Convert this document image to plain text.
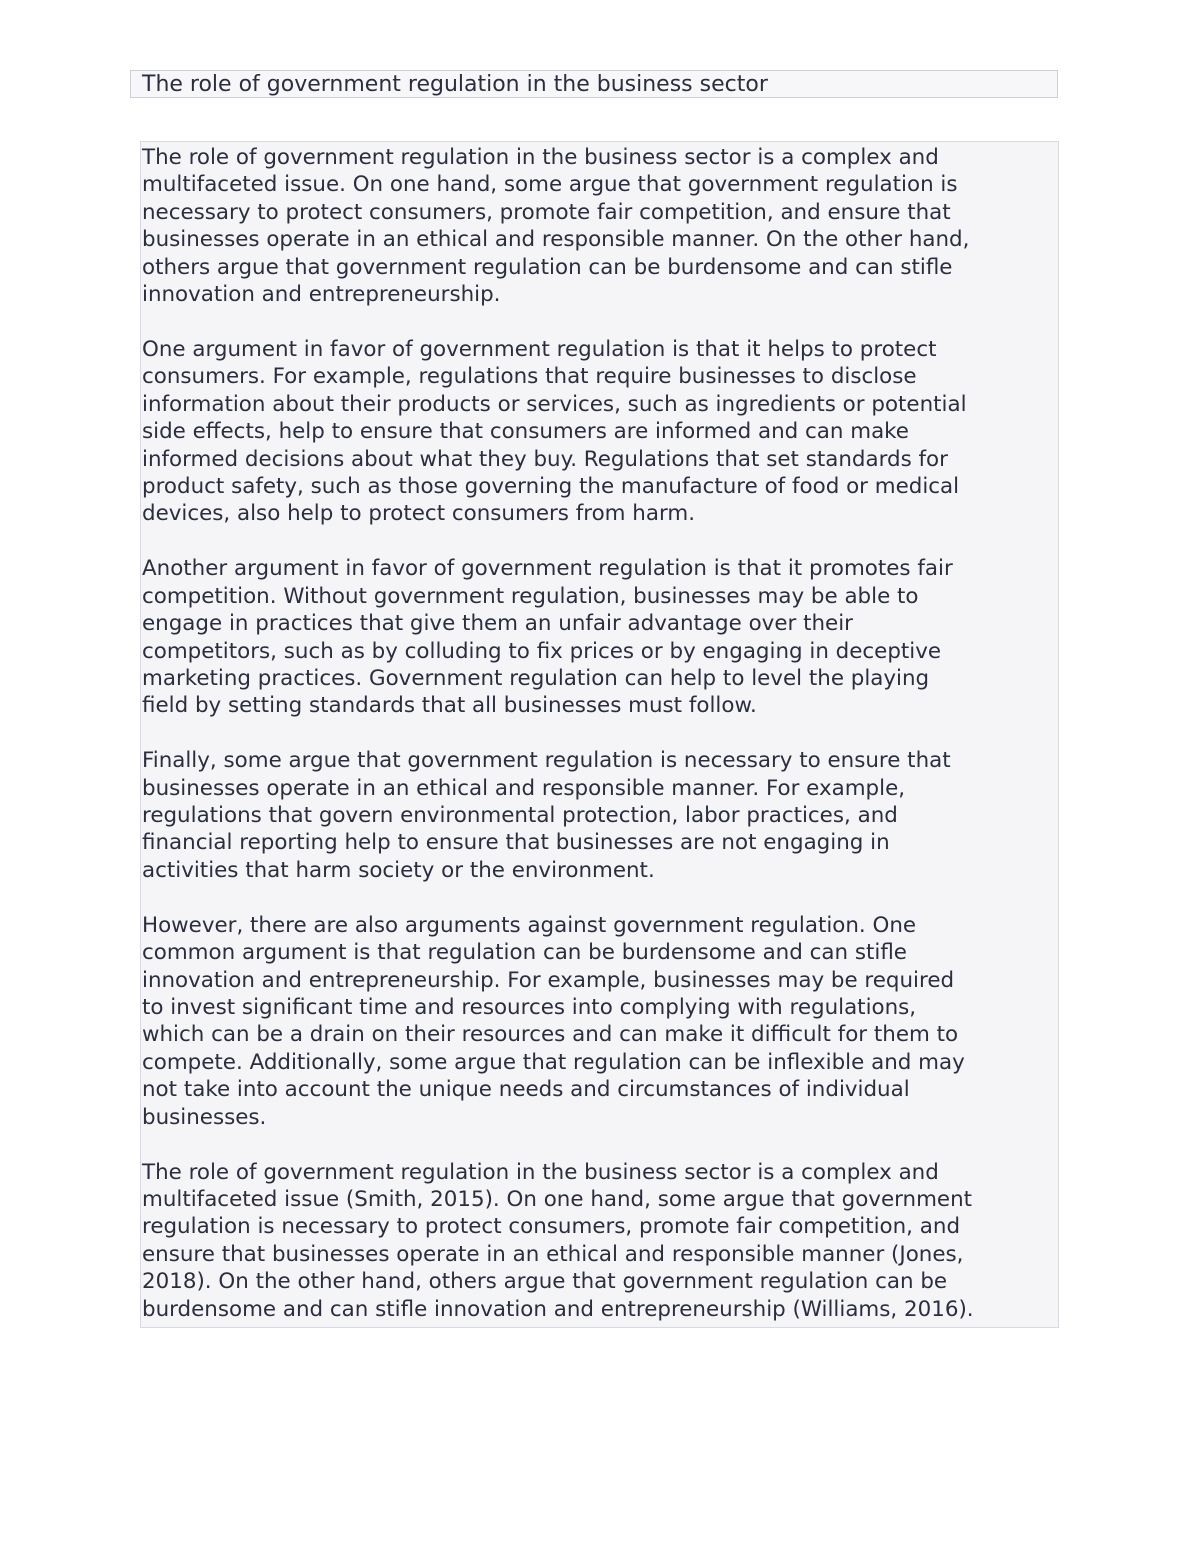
The role of government regulation in the business sector
The role of government regulation in the business sector is a complex and
multifaceted issue. On one hand, some argue that government regulation is
necessary to protect consumers, promote fair competition, and ensure that
businesses operate in an ethical and responsible manner. On the other hand,
others argue that government regulation can be burdensome and can stifle
innovation and entrepreneurship.
One argument in favor of government regulation is that it helps to protect
consumers. For example, regulations that require businesses to disclose
information about their products or services, such as ingredients or potential
side effects, help to ensure that consumers are informed and can make
informed decisions about what they buy. Regulations that set standards for
product safety, such as those governing the manufacture of food or medical
devices, also help to protect consumers from harm.
Another argument in favor of government regulation is that it promotes fair
competition. Without government regulation, businesses may be able to
engage in practices that give them an unfair advantage over their
competitors, such as by colluding to fix prices or by engaging in deceptive
marketing practices. Government regulation can help to level the playing
field by setting standards that all businesses must follow.
Finally, some argue that government regulation is necessary to ensure that
businesses operate in an ethical and responsible manner. For example,
regulations that govern environmental protection, labor practices, and
financial reporting help to ensure that businesses are not engaging in
activities that harm society or the environment.
However, there are also arguments against government regulation. One
common argument is that regulation can be burdensome and can stifle
innovation and entrepreneurship. For example, businesses may be required
to invest significant time and resources into complying with regulations,
which can be a drain on their resources and can make it difficult for them to
compete. Additionally, some argue that regulation can be inflexible and may
not take into account the unique needs and circumstances of individual
businesses.
The role of government regulation in the business sector is a complex and
multifaceted issue (Smith, 2015). On one hand, some argue that government
regulation is necessary to protect consumers, promote fair competition, and
ensure that businesses operate in an ethical and responsible manner (Jones,
2018). On the other hand, others argue that government regulation can be
burdensome and can stifle innovation and entrepreneurship (Williams, 2016).
